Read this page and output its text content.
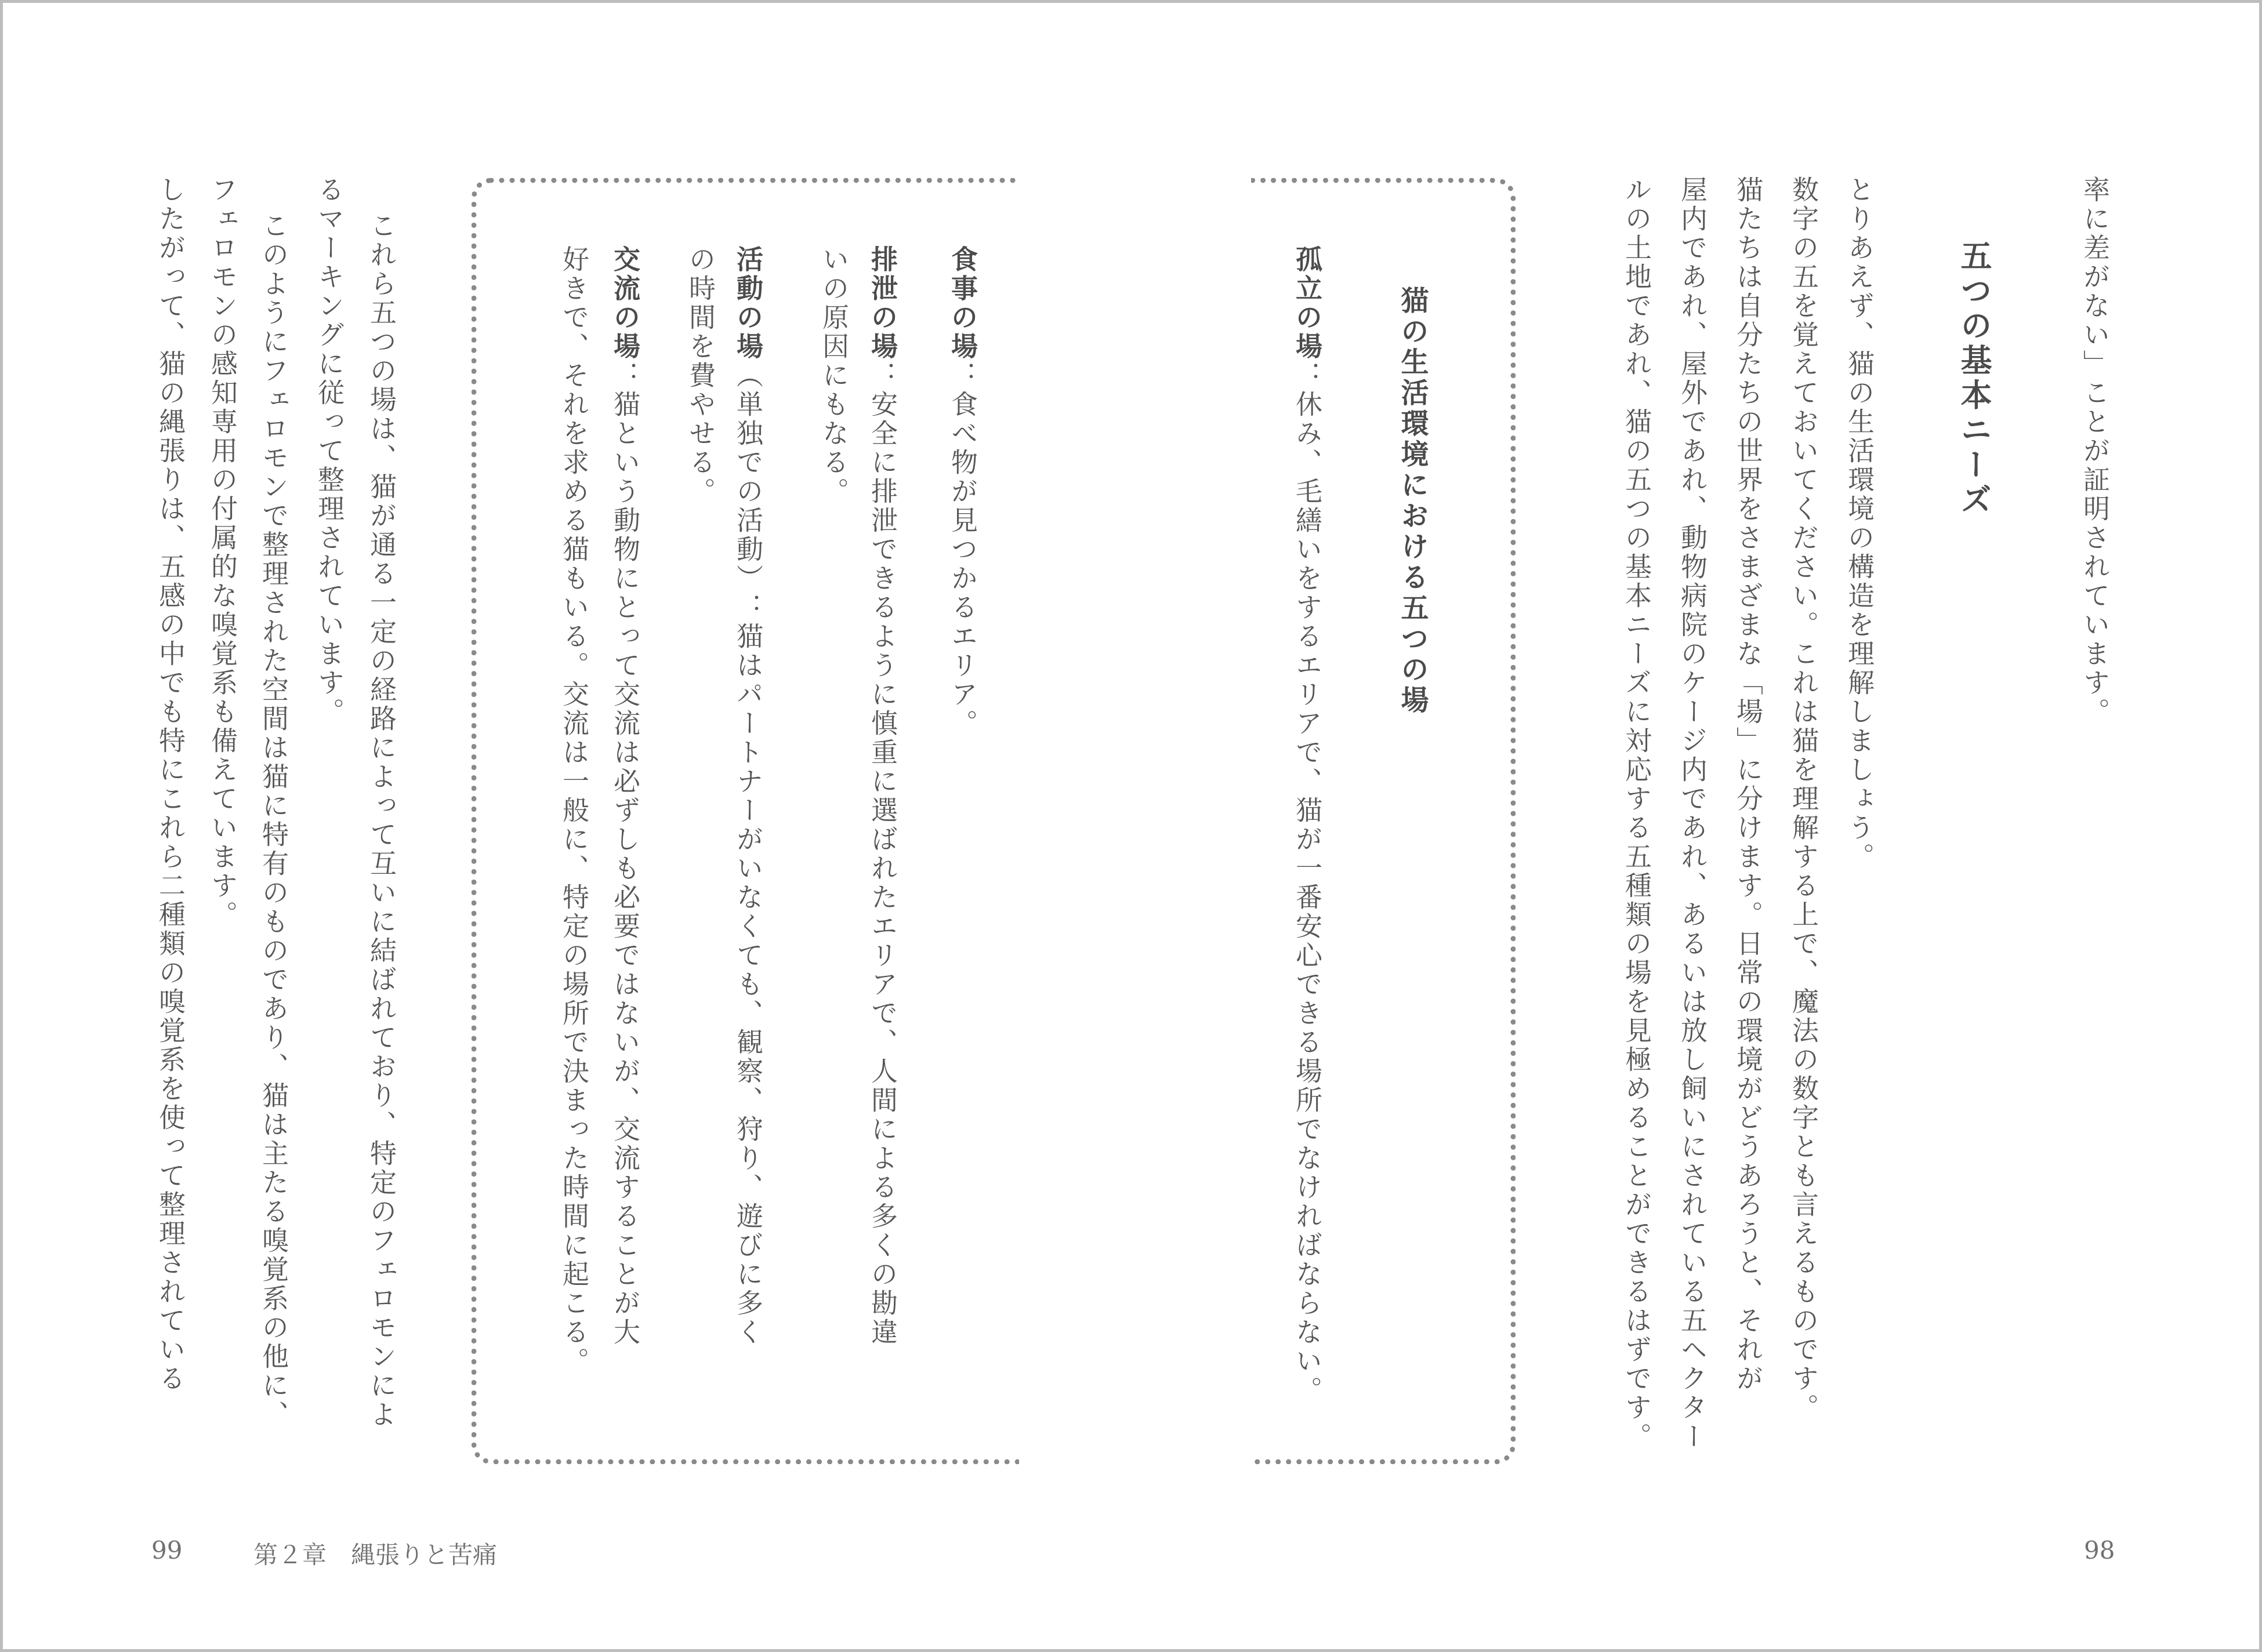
率に差がない」ことが証明されています。
五つの基本ニーズ
とりあえず、猫の生活環境の構造を理解しましょう。
数字の五を覚えておいてください。これは猫を理解する上で、魔法の数字とも言えるものです。
猫たちは自分たちの世界をさまざまな「場」に分けます。日常の環境がどうあろうと、それが
屋内であれ、屋外であれ、動物病院のケージ内であれ、あるいは放し飼いにされている五ヘクター
ルの土地であれ、猫の五つの基本ニーズに対応する五種類の場を見極めることができるはずです。
猫の生活環境における五つの場
孤立の場：休み、毛繕いをするエリアで、猫が一番安心できる場所でなければならない。
食事の場：食べ物が見つかるエリア。
排泄の場：安全に排泄できるように慎重に選ばれたエリアで、人間による多くの勘違
いの原因にもなる。
活動の場（単独での活動）：猫はパートナーがいなくても、観察、狩り、遊びに多く
の時間を費やせる。
交流の場：猫という動物にとって交流は必ずしも必要ではないが、交流することが大
好きで、それを求める猫もいる。交流は一般に、特定の場所で決まった時間に起こる。
これら五つの場は、猫が通る一定の経路によって互いに結ばれており、特定のフェロモンによ
るマーキングに従って整理されています。
このようにフェロモンで整理された空間は猫に特有のものであり、猫は主たる嗅覚系の他に、
フェロモンの感知専用の付属的な嗅覚系も備えています。
したがって、猫の縄張りは、五感の中でも特にこれら二種類の嗅覚系を使って整理されている
99	第２章　縄張りと苦痛	98
